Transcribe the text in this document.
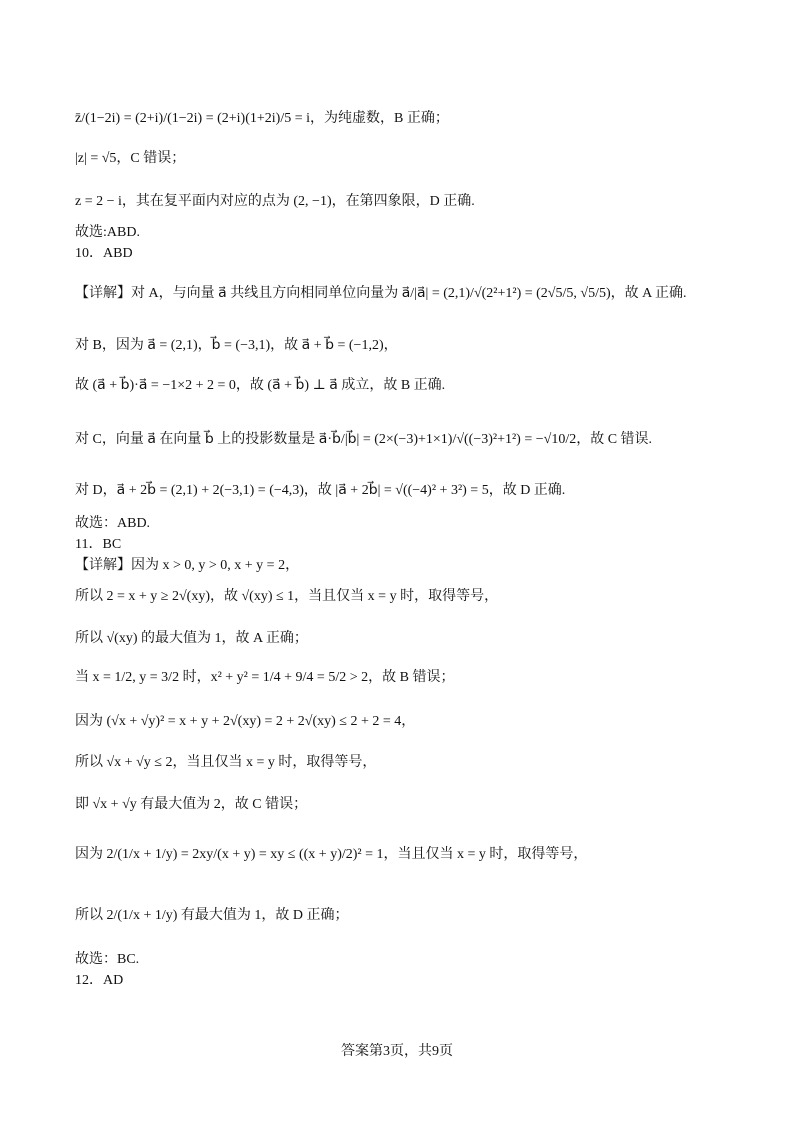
z̄/(1−2i) = (2+i)/(1−2i) = (2+i)(1+2i)/5 = i，为纯虚数，B 正确；
|z| = √5，C 错误；
z = 2 − i，其在复平面内对应的点为 (2, −1)，在第四象限，D 正确.
故选:ABD.
10．ABD
【详解】对 A，与向量 a⃗ 共线且方向相同单位向量为 a⃗/|a⃗| = (2,1)/√(2²+1²) = (2√5/5, √5/5)，故 A 正确.
对 B，因为 a⃗ = (2,1)，b⃗ = (−3,1)，故 a⃗ + b⃗ = (−1,2)，
故 (a⃗ + b⃗)·a⃗ = −1×2 + 2 = 0，故 (a⃗ + b⃗) ⊥ a⃗ 成立，故 B 正确.
对 C，向量 a⃗ 在向量 b⃗ 上的投影数量是 a⃗·b⃗/|b⃗| = (2×(−3)+1×1)/√((−3)²+1²) = −√10/2，故 C 错误.
对 D，a⃗ + 2b⃗ = (2,1) + 2(−3,1) = (−4,3)，故 |a⃗ + 2b⃗| = √((−4)² + 3²) = 5，故 D 正确.
故选：ABD.
11．BC
【详解】因为 x > 0, y > 0, x + y = 2，
所以 2 = x + y ≥ 2√(xy)，故 √(xy) ≤ 1，当且仅当 x = y 时，取得等号，
所以 √(xy) 的最大值为 1，故 A 正确；
当 x = 1/2, y = 3/2 时，x² + y² = 1/4 + 9/4 = 5/2 > 2，故 B 错误；
因为 (√x + √y)² = x + y + 2√(xy) = 2 + 2√(xy) ≤ 2 + 2 = 4，
所以 √x + √y ≤ 2，当且仅当 x = y 时，取得等号，
即 √x + √y 有最大值为 2，故 C 错误；
因为 2/(1/x + 1/y) = 2xy/(x + y) = xy ≤ ((x + y)/2)² = 1，当且仅当 x = y 时，取得等号，
所以 2/(1/x + 1/y) 有最大值为 1，故 D 正确；
故选：BC.
12．AD
答案第3页，共9页
